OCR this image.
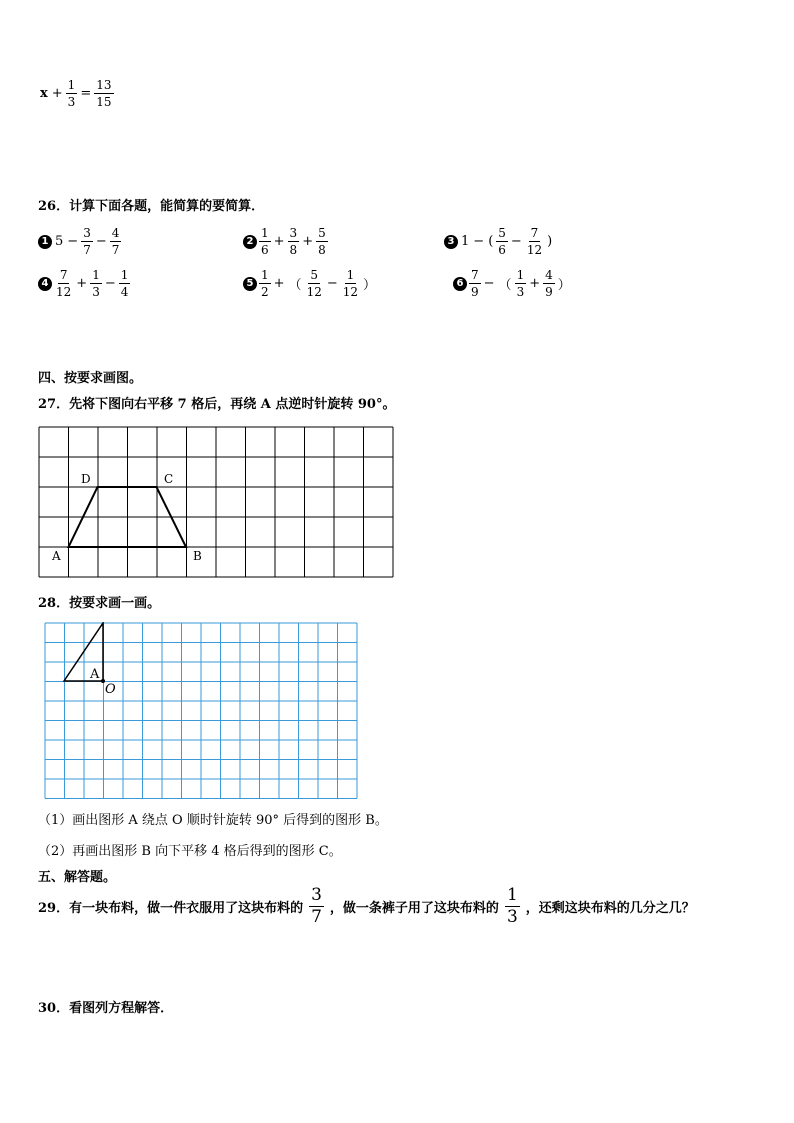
$x + \frac{1}{3} = \frac{13}{15}$
26．计算下面各题，能简算的要简算．
1 $5 - \frac{3}{7} - \frac{4}{7}$	$2 \frac{1}{6} + \frac{3}{8} + \frac{5}{8}$	3 1 − ( $\frac{5}{6} - \frac{7}{12}$ )
$4 \frac{7}{12} + \frac{1}{3} - \frac{1}{4}$	$5 \frac{1}{2}$ + （ $\frac{5}{12} - \frac{1}{12}$ ）	$6 \frac{7}{9}$ − （ $\frac{1}{3} + \frac{4}{9}$ ）
四、按要求画图。
27．先将下图向右平移 7 格后，再绕 A 点逆时针旋转 90°。
A	B
C
D
28．按要求画一画。
A
O
（1）画出图形 A 绕点 O 顺时针旋转 90° 后得到的图形 B。
（2）再画出图形 B 向下平移 4 格后得到的图形 C。
五、解答题。
29．有一块布料，做一件衣服用了这块布料的 $\frac{3}{7}$ ，做一条裤子用了这块布料的 $\frac{1}{3}$ ，还剩这块布料的几分之几？
30．看图列方程解答．
